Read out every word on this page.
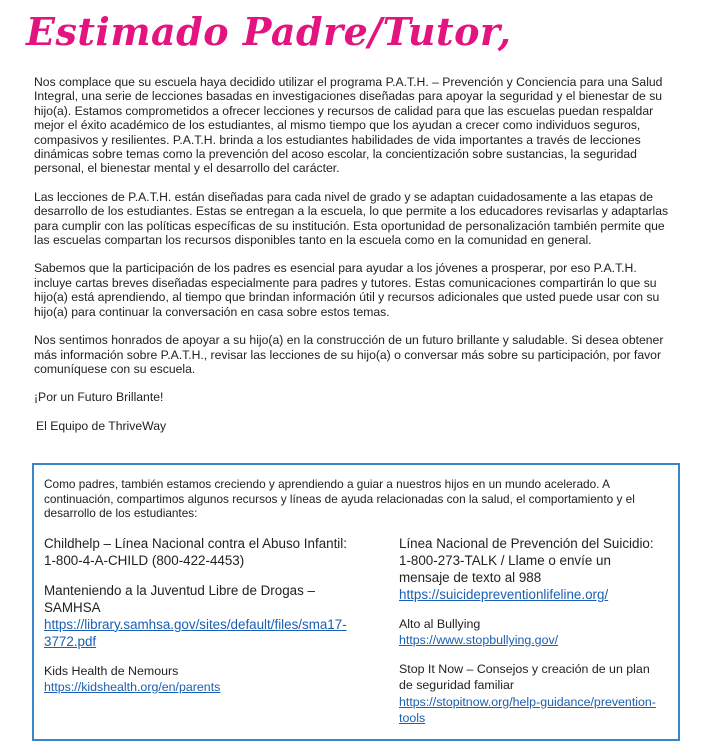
Estimado Padre/Tutor,

Nos complace que su escuela haya decidido utilizar el programa P.A.T.H. – Prevención y Conciencia para una Salud Integral, una serie de lecciones basadas en investigaciones diseñadas para apoyar la seguridad y el bienestar de su hijo(a). Estamos comprometidos a ofrecer lecciones y recursos de calidad para que las escuelas puedan respaldar mejor el éxito académico de los estudiantes, al mismo tiempo que los ayudan a crecer como individuos seguros, compasivos y resilientes. P.A.T.H. brinda a los estudiantes habilidades de vida importantes a través de lecciones dinámicas sobre temas como la prevención del acoso escolar, la concientización sobre sustancias, la seguridad personal, el bienestar mental y el desarrollo del carácter.

Las lecciones de P.A.T.H. están diseñadas para cada nivel de grado y se adaptan cuidadosamente a las etapas de desarrollo de los estudiantes. Estas se entregan a la escuela, lo que permite a los educadores revisarlas y adaptarlas para cumplir con las políticas específicas de su institución. Esta oportunidad de personalización también permite que las escuelas compartan los recursos disponibles tanto en la escuela como en la comunidad en general.

Sabemos que la participación de los padres es esencial para ayudar a los jóvenes a prosperar, por eso P.A.T.H. incluye cartas breves diseñadas especialmente para padres y tutores. Estas comunicaciones compartirán lo que su hijo(a) está aprendiendo, al tiempo que brindan información útil y recursos adicionales que usted puede usar con su hijo(a) para continuar la conversación en casa sobre estos temas.

Nos sentimos honrados de apoyar a su hijo(a) en la construcción de un futuro brillante y saludable. Si desea obtener más información sobre P.A.T.H., revisar las lecciones de su hijo(a) o conversar más sobre su participación, por favor comuníquese con su escuela.

¡Por un Futuro Brillante!

El Equipo de ThriveWay

Como padres, también estamos creciendo y aprendiendo a guiar a nuestros hijos en un mundo acelerado. A continuación, compartimos algunos recursos y líneas de ayuda relacionadas con la salud, el comportamiento y el desarrollo de los estudiantes:

Childhelp – Línea Nacional contra el Abuso Infantil:
1-800-4-A-CHILD (800-422-4453)
Manteniendo a la Juventud Libre de Drogas – SAMHSA
https://library.samhsa.gov/sites/default/files/sma17-3772.pdf
Kids Health de Nemours
https://kidshealth.org/en/parents
Línea Nacional de Prevención del Suicidio:
1-800-273-TALK / Llame o envíe un mensaje de texto al 988
https://suicidepreventionlifeline.org/
Alto al Bullying
https://www.stopbullying.gov/
Stop It Now – Consejos y creación de un plan de seguridad familiar
https://stopitnow.org/help-guidance/prevention-tools
